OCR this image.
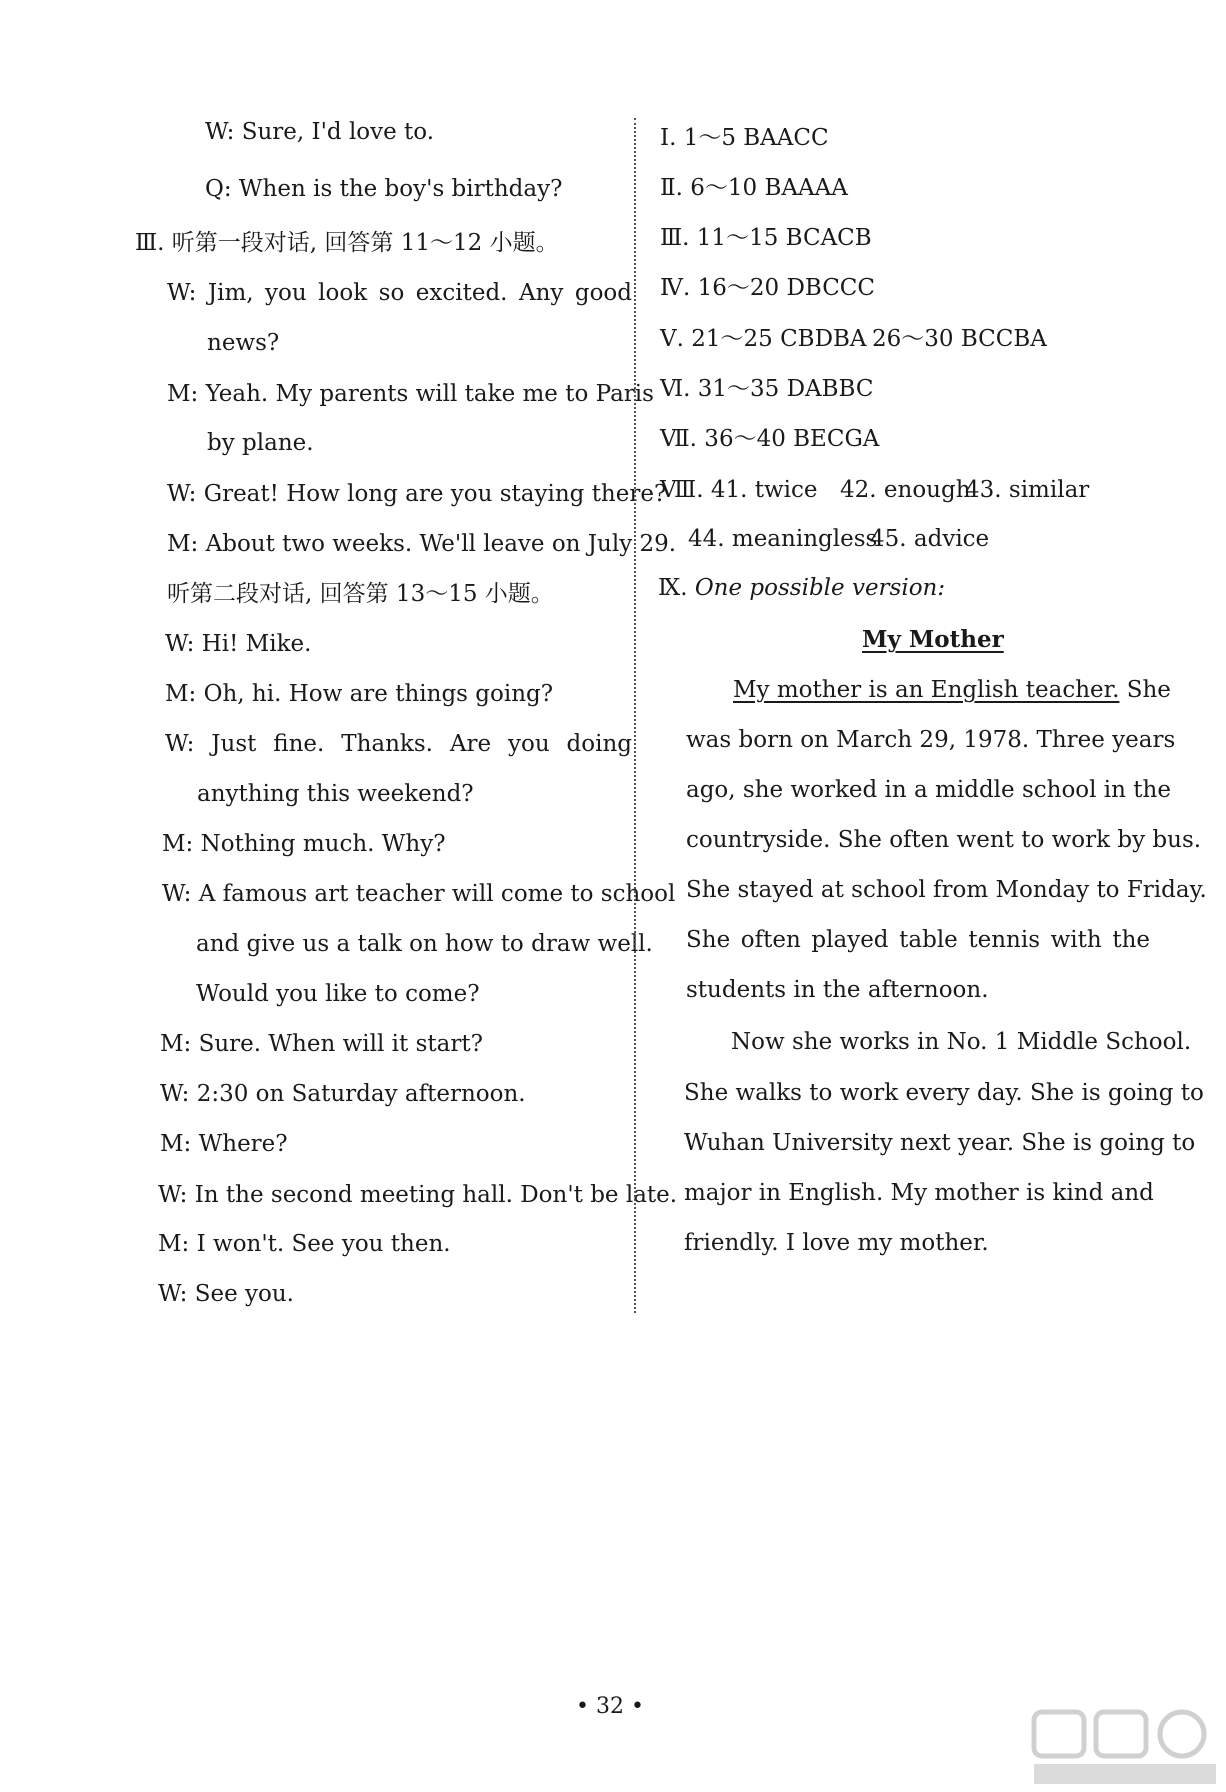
W: Sure, I'd love to.
Q: When is the boy's birthday?
Ⅲ. 听第一段对话, 回答第 11～12 小题。
W: Jim, you look so excited. Any good
news?
M: Yeah. My parents will take me to Paris
by plane.
W: Great! How long are you staying there?
M: About two weeks. We'll leave on July 29.
听第二段对话, 回答第 13～15 小题。
W: Hi! Mike.
M: Oh, hi. How are things going?
W: Just fine. Thanks. Are you doing
anything this weekend?
M: Nothing much. Why?
W: A famous art teacher will come to school
and give us a talk on how to draw well.
Would you like to come?
M: Sure. When will it start?
W: 2:30 on Saturday afternoon.
M: Where?
W: In the second meeting hall. Don't be late.
M: I won't. See you then.
W: See you.
Ⅰ. 1～5 BAACC
Ⅱ. 6～10 BAAAA
Ⅲ. 11～15 BCACB
Ⅳ. 16～20 DBCCC
Ⅴ. 21～25 CBDBA 26～30 BCCBA
Ⅵ. 31～35 DABBC
Ⅶ. 36～40 BECGA
Ⅷ. 41. twice 42. enough
43. similar
44. meaningless
45. advice
Ⅸ. One possible version:
My Mother
My mother is an English teacher. She
was born on March 29, 1978. Three years
ago, she worked in a middle school in the
countryside. She often went to work by bus.
She stayed at school from Monday to Friday.
She often played table tennis with the
students in the afternoon.
Now she works in No. 1 Middle School.
She walks to work every day. She is going to
Wuhan University next year. She is going to
major in English. My mother is kind and
friendly. I love my mother.
• 32 •
